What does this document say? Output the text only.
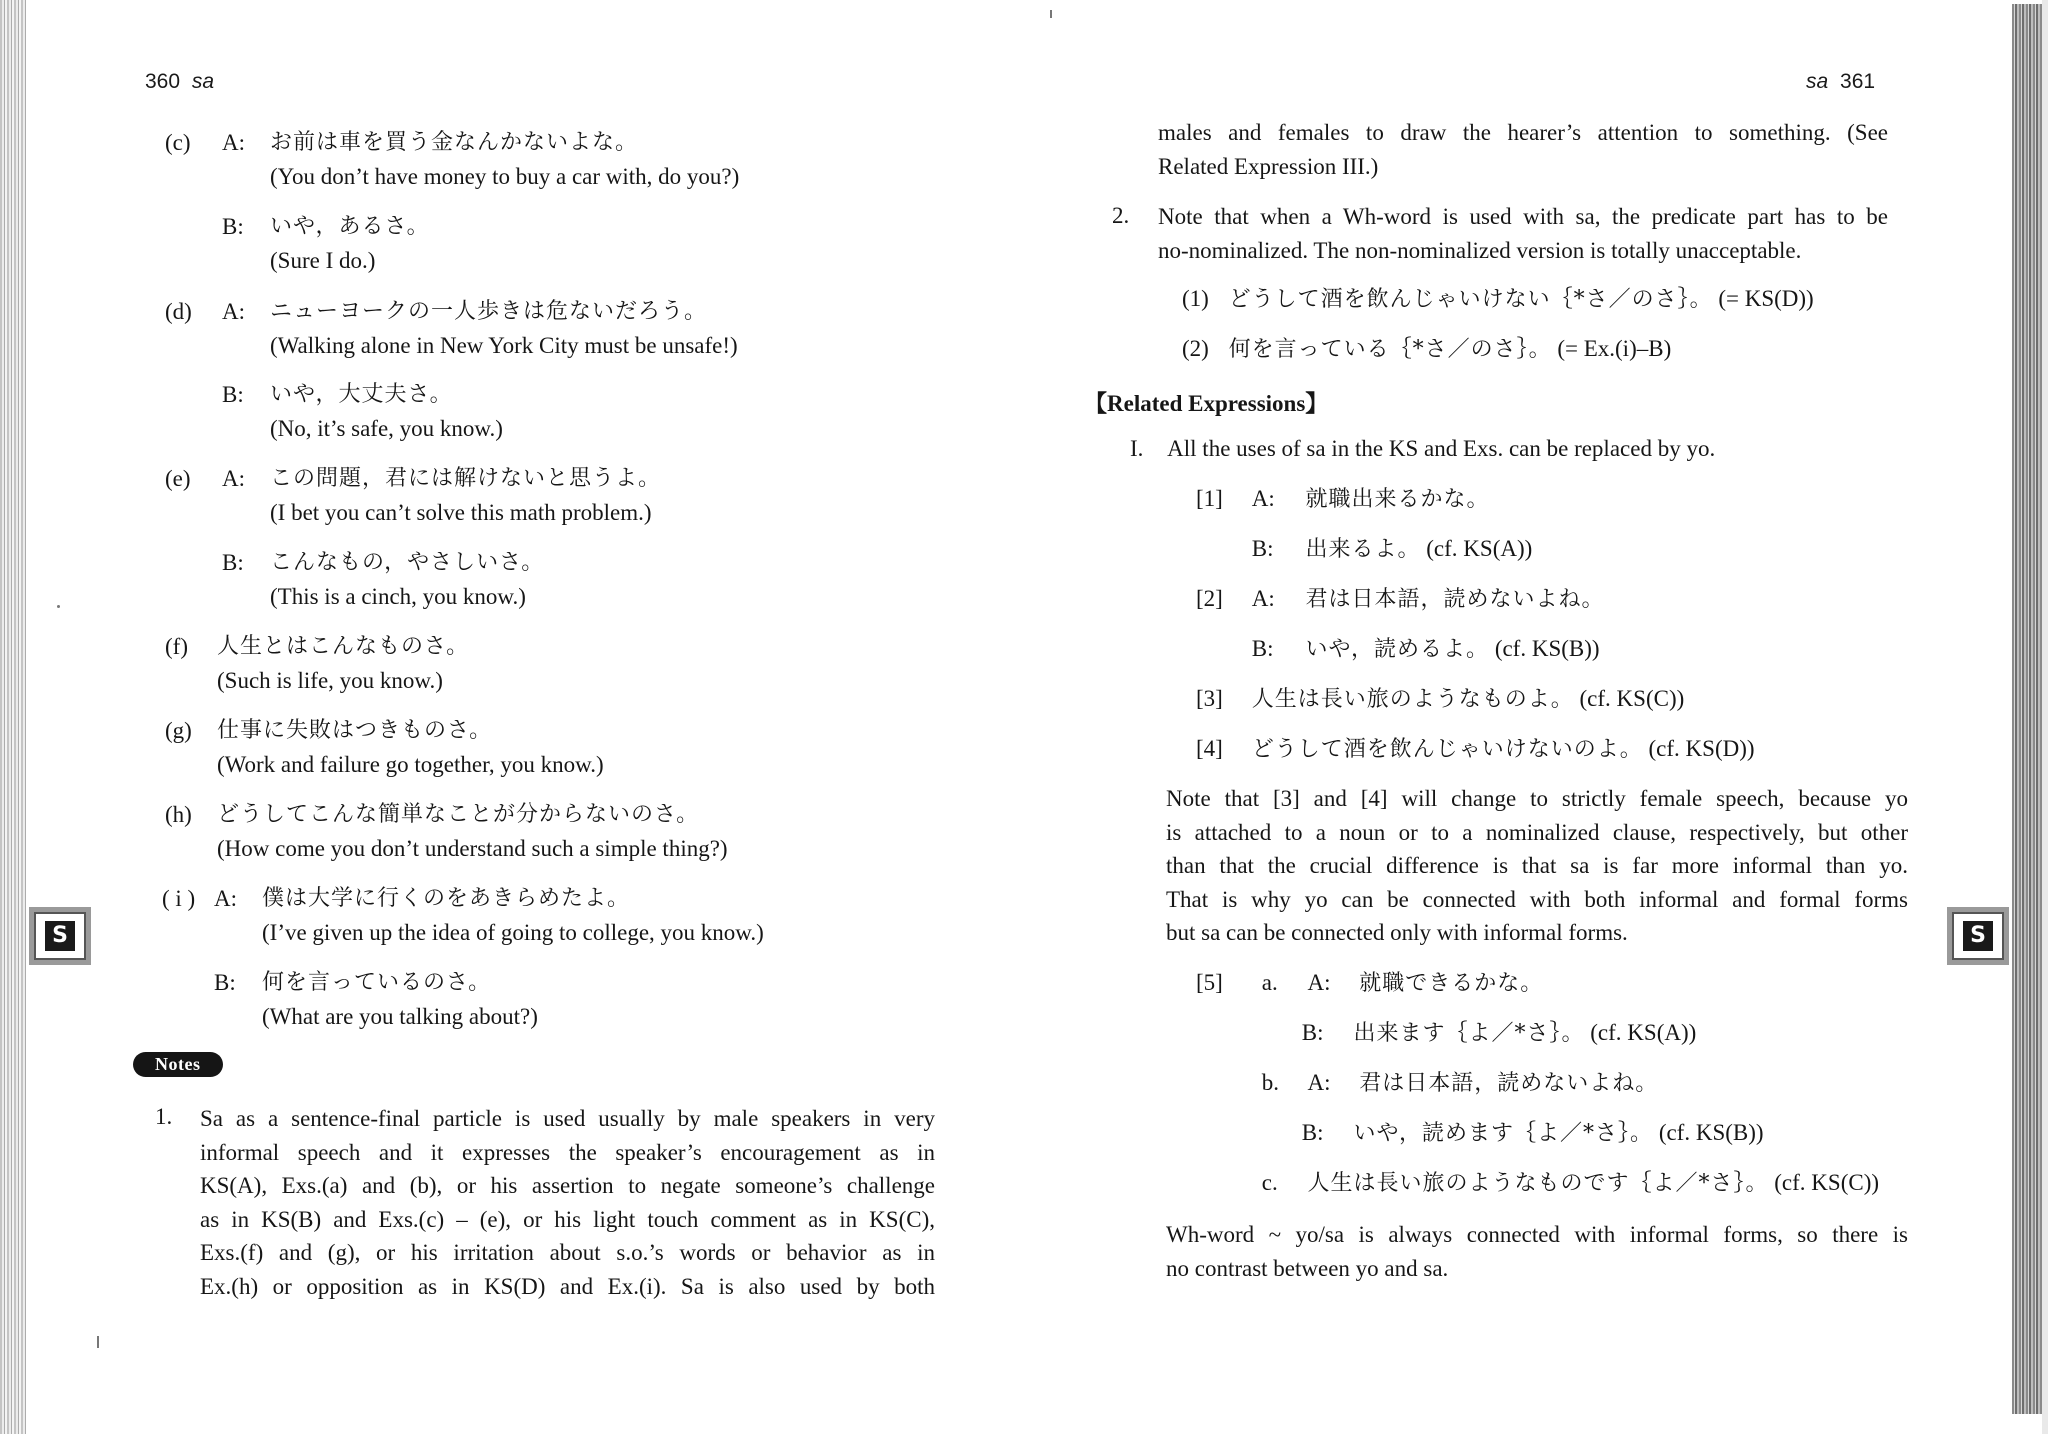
S
360 sa
(c) A: お前は車を買う金なんかないよな。
(You don’t have money to buy a car with, do you?)
B: いや，あるさ。
(Sure I do.)
(d) A: ニューヨークの一人歩きは危ないだろう。
(Walking alone in New York City must be unsafe!)
B: いや，大丈夫さ。
(No, it’s safe, you know.)
(e) A: この問題，君には解けないと思うよ。
(I bet you can’t solve this math problem.)
B: こんなもの，やさしいさ。
(This is a cinch, you know.)
(f) 人生とはこんなものさ。
(Such is life, you know.)
(g) 仕事に失敗はつきものさ。
(Work and failure go together, you know.)
(h) どうしてこんな簡単なことが分からないのさ。
(How come you don’t understand such a simple thing?)
( i ) A: 僕は大学に行くのをあきらめたよ。
(I’ve given up the idea of going to college, you know.)
B: 何を言っているのさ。
(What are you talking about?)
Notes
1. Sa as a sentence-final particle is used usually by male speakers in very

informal speech and it expresses the speaker’s encouragement as in

KS(A), Exs.(a) and (b), or his assertion to negate someone’s challenge

as in KS(B) and Exs.(c) – (e), or his light touch comment as in KS(C),

Exs.(f) and (g), or his irritation about s.o.’s words or behavior as in

Ex.(h) or opposition as in KS(D) and Ex.(i). Sa is also used by both

S
sa 361

males and females to draw the hearer’s attention to something. (See

Related Expression III.)

2. Note that when a Wh-word is used with sa, the predicate part has to be

no-nominalized. The non-nominalized version is totally unacceptable.

(1) どうして酒を飲んじゃいけない｛*さ／のさ｝。 (= KS(D))
(2) 何を言っている｛*さ／のさ｝。 (= Ex.(i)–B)
【Related Expressions】
I. All the uses of sa in the KS and Exs. can be replaced by yo.
[1] A: 就職出来るかな。
B: 出来るよ。 (cf. KS(A))
[2] A: 君は日本語，読めないよね。
B: いや，読めるよ。 (cf. KS(B))
[3] 人生は長い旅のようなものよ。 (cf. KS(C))
[4] どうして酒を飲んじゃいけないのよ。 (cf. KS(D))

Note that [3] and [4] will change to strictly female speech, because yo

is attached to a noun or to a nominalized clause, respectively, but other

than that the crucial difference is that sa is far more informal than yo.

That is why yo can be connected with both informal and formal forms

but sa can be connected only with informal forms.

[5] a. A: 就職できるかな。
B: 出来ます｛よ／*さ｝。 (cf. KS(A))
b. A: 君は日本語，読めないよね。
B: いや，読めます｛よ／*さ｝。 (cf. KS(B))
c. 人生は長い旅のようなものです｛よ／*さ｝。 (cf. KS(C))

Wh-word ~ yo/sa is always connected with informal forms, so there is

no contrast between yo and sa.
